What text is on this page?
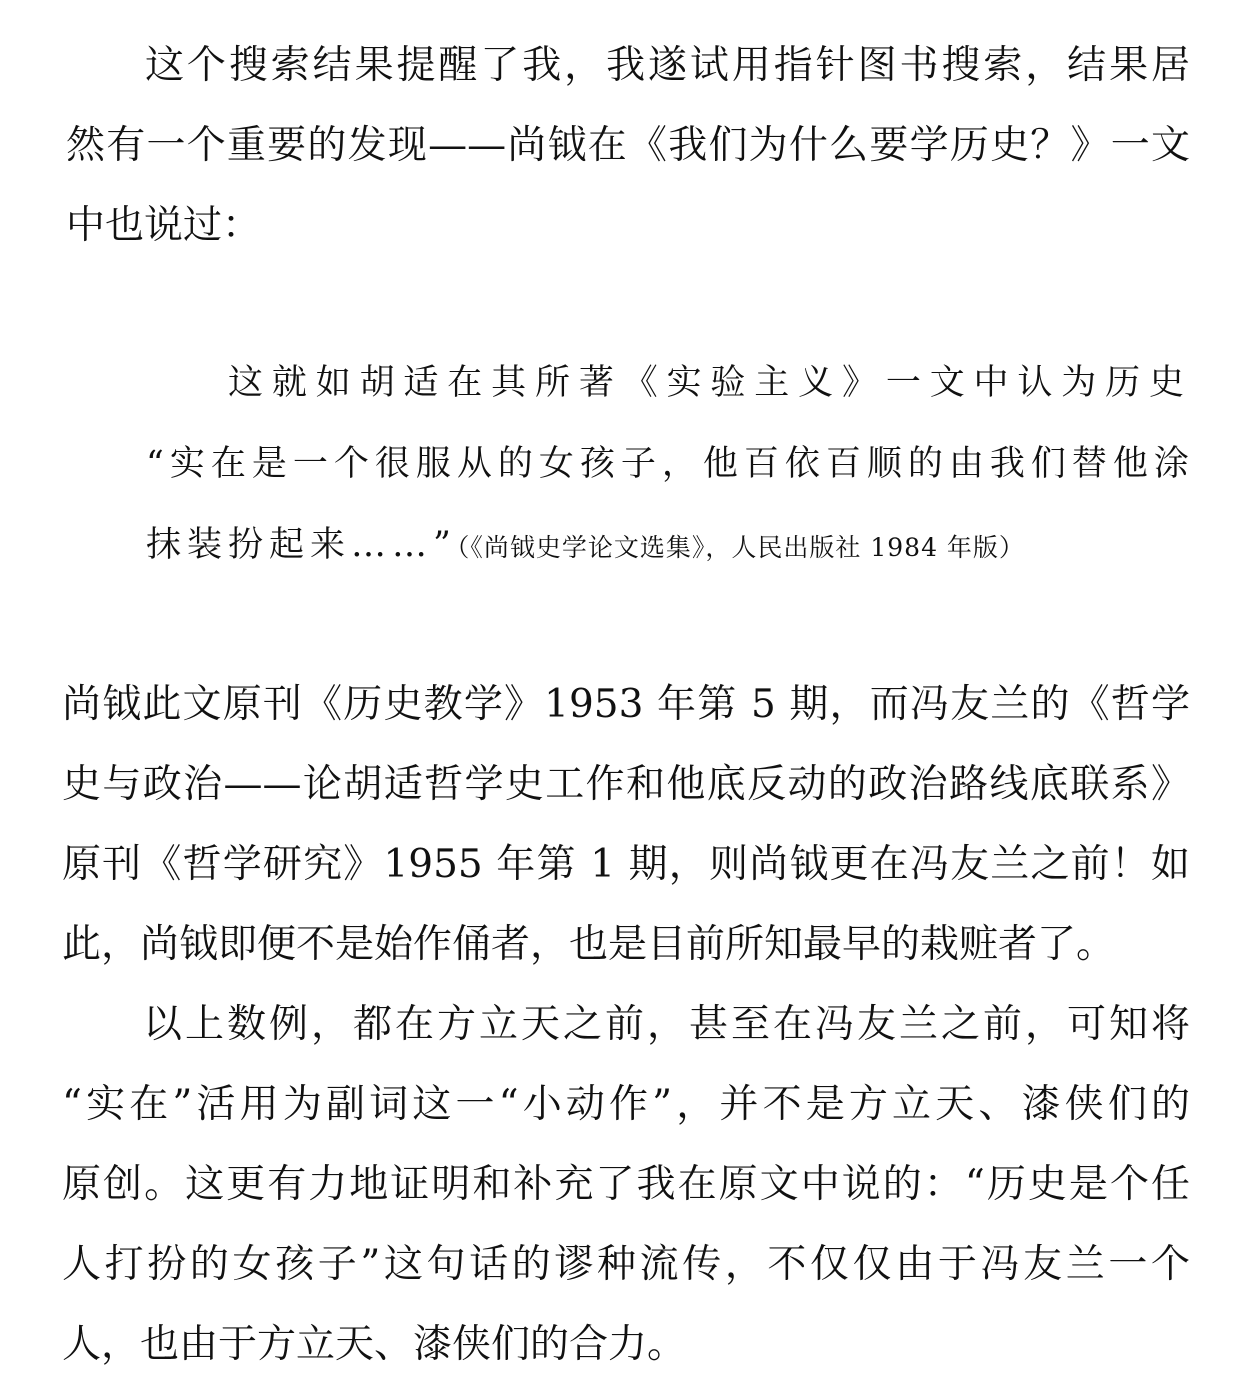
这个搜索结果提醒了我，我遂试用指针图书搜索，结果居
然有一个重要的发现——尚钺在《我们为什么要学历史？》一文
中也说过：
这就如胡适在其所著《实验主义》一文中认为历史
“实在是一个很服从的女孩子，他百依百顺的由我们替他涂
抹装扮起来……”（《尚钺史学论文选集》，人民出版社 1984 年版）
尚钺此文原刊《历史教学》1953 年第 5 期，而冯友兰的《哲学
史与政治——论胡适哲学史工作和他底反动的政治路线底联系》
原刊《哲学研究》1955 年第 1 期，则尚钺更在冯友兰之前！如
此，尚钺即便不是始作俑者，也是目前所知最早的栽赃者了。
以上数例，都在方立天之前，甚至在冯友兰之前，可知将
“实在”活用为副词这一“小动作”，并不是方立天、漆侠们的
原创。这更有力地证明和补充了我在原文中说的：“历史是个任
人打扮的女孩子”这句话的谬种流传，不仅仅由于冯友兰一个
人，也由于方立天、漆侠们的合力。
